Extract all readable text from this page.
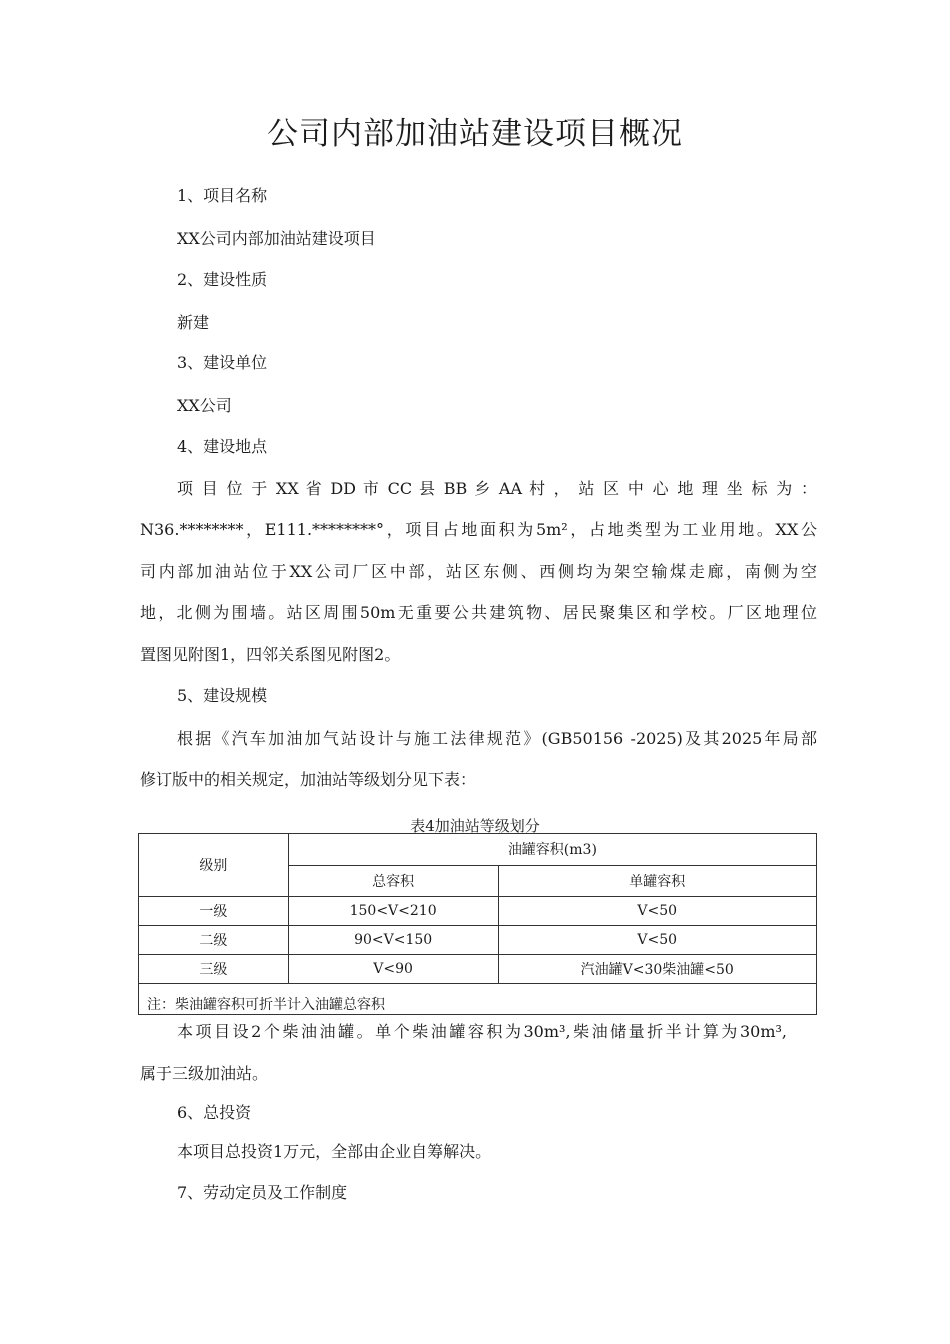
公司内部加油站建设项目概况
1、项目名称
XX公司内部加油站建设项目
2、建设性质
新建
3、建设单位
XX公司
4、建设地点
项 目 位 于 XX 省 DD 市 CC 县 BB 乡 AA 村 ， 站 区 中 心 地 理 坐 标 为 ：
N36.********，E111.********°，项目占地面积为5m²，占地类型为工业用地。XX公
司内部加油站位于XX公司厂区中部，站区东侧、西侧均为架空输煤走廊，南侧为空
地，北侧为围墙。站区周围50m无重要公共建筑物、居民聚集区和学校。厂区地理位
置图见附图1，四邻关系图见附图2。
5、建设规模
根据《汽车加油加气站设计与施工法律规范》(GB50156 -2025)及其2025年局部
修订版中的相关规定，加油站等级划分见下表：
表4加油站等级划分
级别	油罐容积(m3)	
	总容积	单罐容积
一级	150<V<210	V<50
二级	90<V<150	V<50
三级	V<90	汽油罐V<30柴油罐<50
注：柴油罐容积可折半计入油罐总容积		
本项目设2个柴油油罐。单个柴油罐容积为30m³,柴油储量折半计算为30m³,
属于三级加油站。
6、总投资
本项目总投资1万元，全部由企业自筹解决。
7、劳动定员及工作制度
